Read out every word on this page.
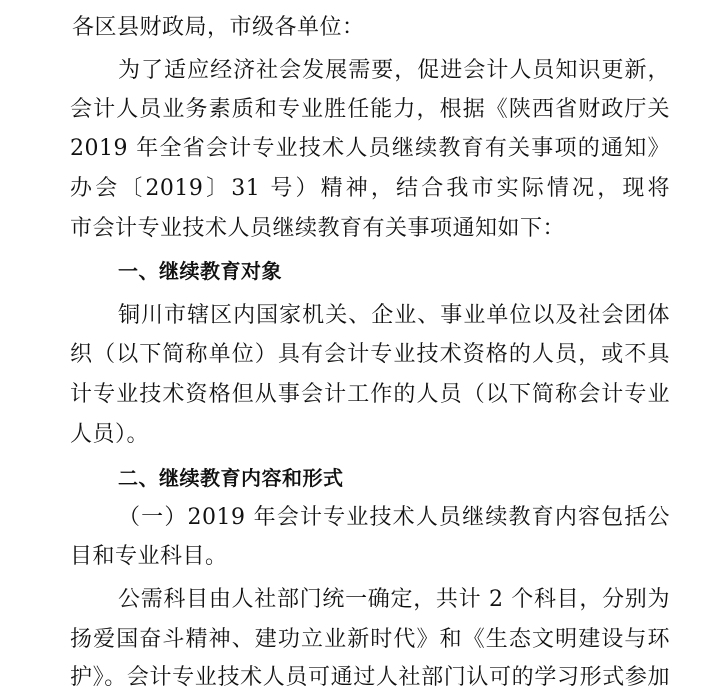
各区县财政局，市级各单位：
为了适应经济社会发展需要，促进会计人员知识更新，
会计人员业务素质和专业胜任能力，根据《陕西省财政厅关
2019 年全省会计专业技术人员继续教育有关事项的通知》
办会〔2019〕31 号）精神，结合我市实际情况，现将
市会计专业技术人员继续教育有关事项通知如下：
一、继续教育对象
铜川市辖区内国家机关、企业、事业单位以及社会团体
织（以下简称单位）具有会计专业技术资格的人员，或不具
计专业技术资格但从事会计工作的人员（以下简称会计专业
人员）。
二、继续教育内容和形式
（一）2019 年会计专业技术人员继续教育内容包括公
目和专业科目。
公需科目由人社部门统一确定，共计 2 个科目，分别为
扬爱国奋斗精神、建功立业新时代》和《生态文明建设与环
护》。会计专业技术人员可通过人社部门认可的学习形式参加
